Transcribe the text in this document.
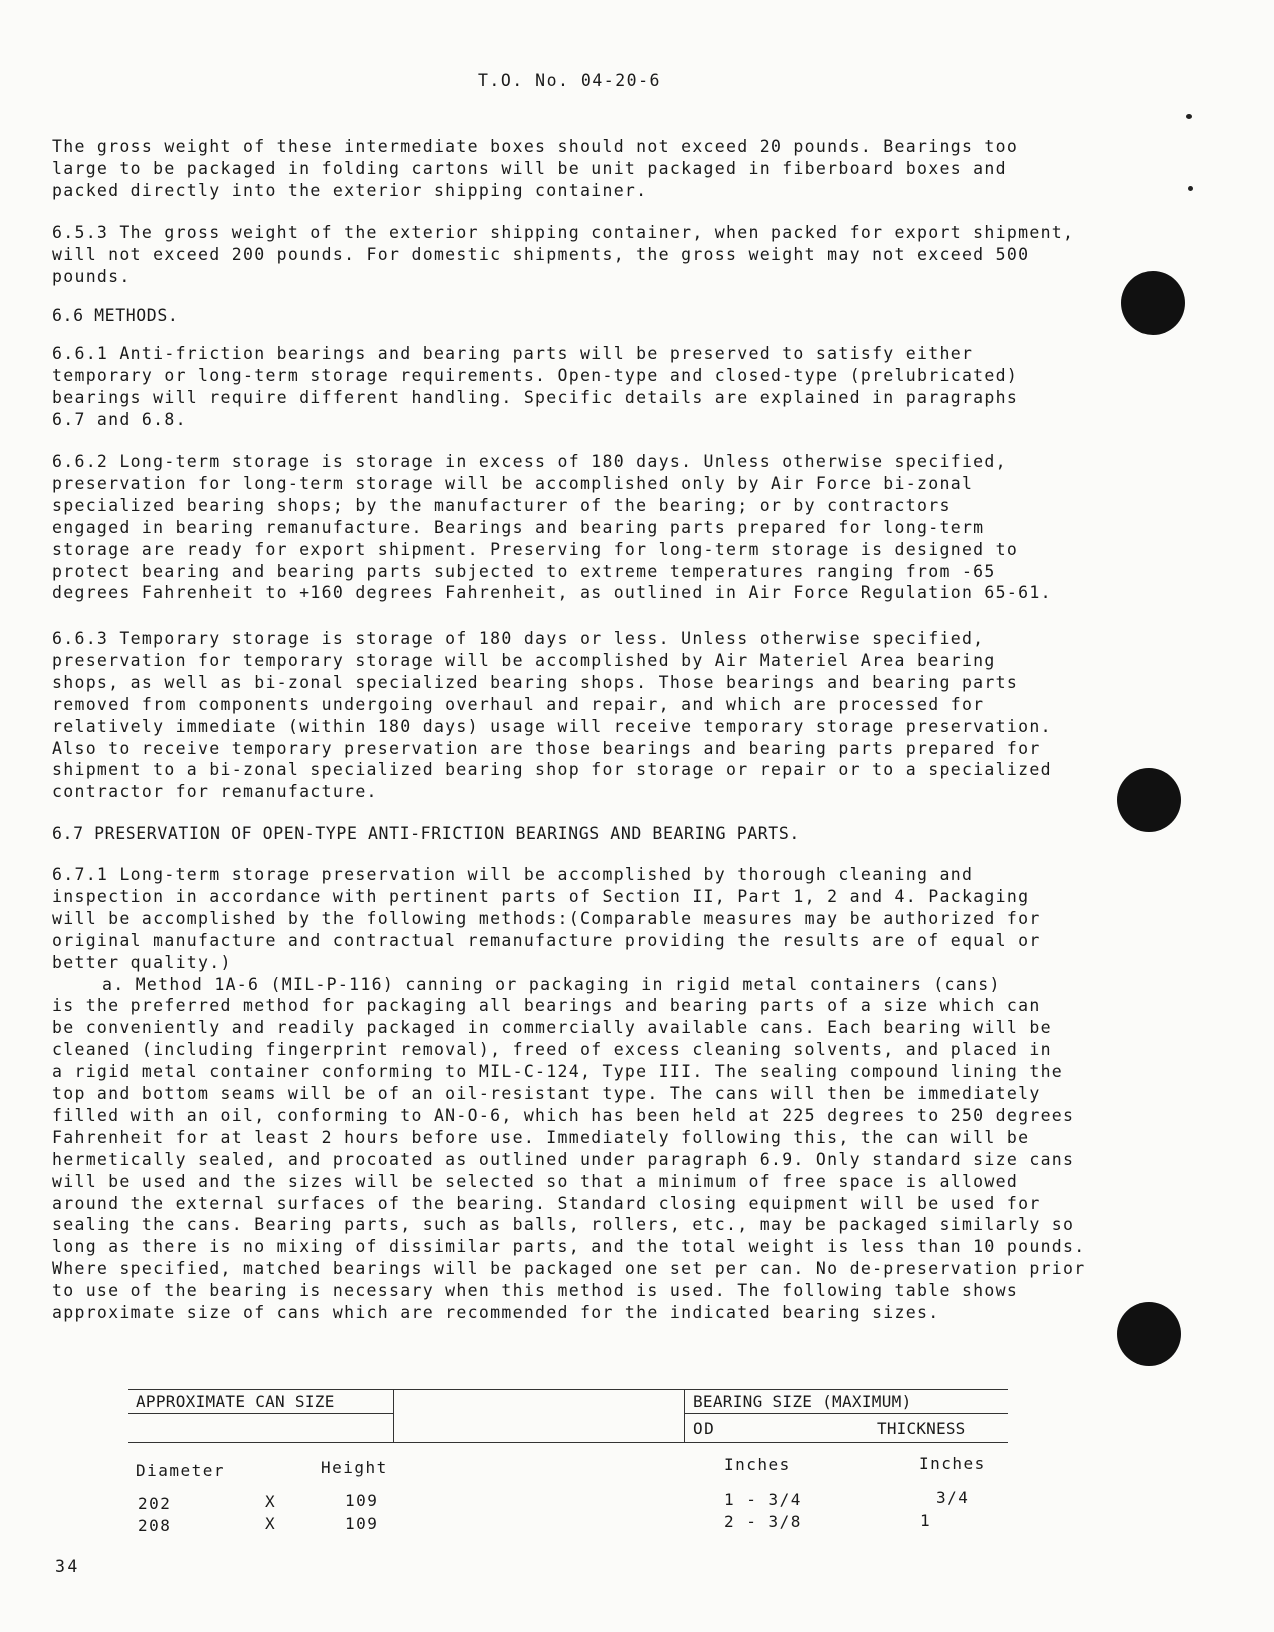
T.O. No. 04-20-6
The gross weight of these intermediate boxes should not exceed 20 pounds. Bearings too
large to be packaged in folding cartons will be unit packaged in fiberboard boxes and
packed directly into the exterior shipping container.
6.5.3 The gross weight of the exterior shipping container, when packed for export shipment,
will not exceed 200 pounds. For domestic shipments, the gross weight may not exceed 500
pounds.
6.6 METHODS.
6.6.1 Anti-friction bearings and bearing parts will be preserved to satisfy either
temporary or long-term storage requirements. Open-type and closed-type (prelubricated)
bearings will require different handling. Specific details are explained in paragraphs
6.7 and 6.8.
6.6.2 Long-term storage is storage in excess of 180 days. Unless otherwise specified,
preservation for long-term storage will be accomplished only by Air Force bi-zonal
specialized bearing shops; by the manufacturer of the bearing; or by contractors
engaged in bearing remanufacture. Bearings and bearing parts prepared for long-term
storage are ready for export shipment. Preserving for long-term storage is designed to
protect bearing and bearing parts subjected to extreme temperatures ranging from -65
degrees Fahrenheit to +160 degrees Fahrenheit, as outlined in Air Force Regulation 65-61.
6.6.3 Temporary storage is storage of 180 days or less. Unless otherwise specified,
preservation for temporary storage will be accomplished by Air Materiel Area bearing
shops, as well as bi-zonal specialized bearing shops. Those bearings and bearing parts
removed from components undergoing overhaul and repair, and which are processed for
relatively immediate (within 180 days) usage will receive temporary storage preservation.
Also to receive temporary preservation are those bearings and bearing parts prepared for
shipment to a bi-zonal specialized bearing shop for storage or repair or to a specialized
contractor for remanufacture.
6.7 PRESERVATION OF OPEN-TYPE ANTI-FRICTION BEARINGS AND BEARING PARTS.
6.7.1 Long-term storage preservation will be accomplished by thorough cleaning and
inspection in accordance with pertinent parts of Section II, Part 1, 2 and 4. Packaging
will be accomplished by the following methods:(Comparable measures may be authorized for
original manufacture and contractual remanufacture providing the results are of equal or
better quality.)
a. Method 1A-6 (MIL-P-116) canning or packaging in rigid metal containers (cans)
is the preferred method for packaging all bearings and bearing parts of a size which can
be conveniently and readily packaged in commercially available cans. Each bearing will be
cleaned (including fingerprint removal), freed of excess cleaning solvents, and placed in
a rigid metal container conforming to MIL-C-124, Type III. The sealing compound lining the
top and bottom seams will be of an oil-resistant type. The cans will then be immediately
filled with an oil, conforming to AN-O-6, which has been held at 225 degrees to 250 degrees
Fahrenheit for at least 2 hours before use. Immediately following this, the can will be
hermetically sealed, and procoated as outlined under paragraph 6.9. Only standard size cans
will be used and the sizes will be selected so that a minimum of free space is allowed
around the external surfaces of the bearing. Standard closing equipment will be used for
sealing the cans. Bearing parts, such as balls, rollers, etc., may be packaged similarly so
long as there is no mixing of dissimilar parts, and the total weight is less than 10 pounds.
Where specified, matched bearings will be packaged one set per can. No de-preservation prior
to use of the bearing is necessary when this method is used. The following table shows
approximate size of cans which are recommended for the indicated bearing sizes.
APPROXIMATE CAN SIZE	BEARING SIZE (MAXIMUM)
OD	THICKNESS
Diameter	Height	Inches	Inches
202	X	109	1 - 3/4	3/4
208	X	109	2 - 3/8	1
34
